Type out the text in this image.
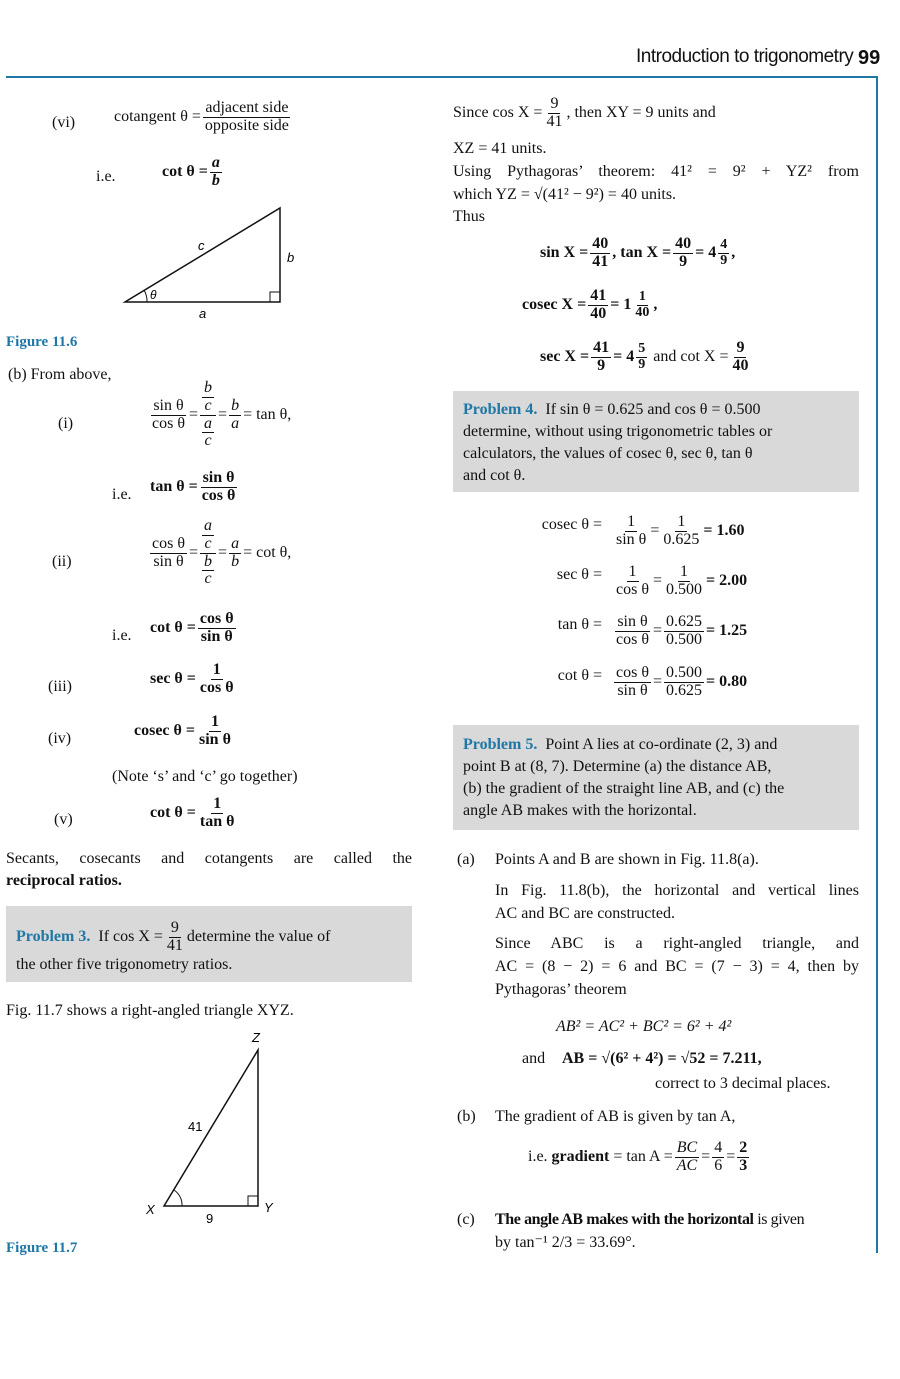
Introduction to trigonometry 99
(vi) cotangent $\theta = \frac{\text{adjacent side}}{\text{opposite side}}$
i.e.	$\cot \theta = \frac{a}{b}$
c
b
a
θ
Figure 11.6
(b) From above,
(i)	$\frac{\text{sin θ}}{\text{cos θ}} = \frac{\frac{b}{c}}{\frac{a}{c}} = \frac{b}{a} = \tan \theta$,
i.e. $\tan \theta = \frac{\text{sin θ}}{\text{cos θ}}$
(ii)	$\frac{\text{cos θ}}{\text{sin θ}} = \frac{\frac{a}{c}}{\frac{b}{c}} = \frac{a}{b} = \cot \theta$,
i.e. $\cot \theta = \frac{\text{cos θ}}{\text{sin θ}}$
(iii)	$\sec \theta = \frac{1}{\text{cos θ}}$
(iv)	cosec $\theta = \frac{1}{\text{sin θ}}$
(Note ‘s’ and ‘c’ go together)
(v)	$\cot \theta = \frac{1}{\text{tan θ}}$
Secants, cosecants and cotangents are called the
reciprocal ratios.
Problem 3.
If $\cos X = \frac{9}{41}$ determine the value of
the other five trigonometry ratios.
Fig. 11.7 shows a right-angled triangle XYZ.
Z
X	Y
41
9
Figure 11.7
Since $\cos X = \frac{9}{41}$ , then XY = 9 units and
XZ = 41 units.
Using Pythagoras’ theorem: 41² = 9² + YZ² from
which YZ = √(41² − 9²) = 40 units.
Thus
$\sin X = \frac{40}{41}$ , $\tan X = \frac{40}{9} = 4 \frac{4}{9}$ ,
cosec $X = \frac{41}{40} = 1 \frac{1}{40}$ ,
$\sec X = \frac{41}{9} = 4 \frac{5}{9}$ and $\cot X = \frac{9}{40}$
Problem 4. If sin θ = 0.625 and cos θ = 0.500
determine, without using trigonometric tables or
calculators, the values of cosec θ, sec θ, tan θ
and cot θ.
cosec $\theta = \frac{1}{\text{sin θ}} = \frac{1}{0.625} = 1.60$
$\sec \theta = \frac{1}{\text{cos θ}} = \frac{1}{0.500} = 2.00$
$\tan \theta = \frac{\text{sin θ}}{\text{cos θ}} = \frac{0.625}{0.500} = 1.25$
$\cot \theta = \frac{\text{cos θ}}{\text{sin θ}} = \frac{0.500}{0.625} = 0.80$
Problem 5. Point A lies at co-ordinate (2, 3) and
point B at (8, 7). Determine (a) the distance AB,
(b) the gradient of the straight line AB, and (c) the
angle AB makes with the horizontal.
(a) Points A and B are shown in Fig. 11.8(a).
In Fig. 11.8(b), the horizontal and vertical lines
AC and BC are constructed.
Since ABC is a right-angled triangle, and
AC = (8 − 2) = 6 and BC = (7 − 3) = 4, then by
Pythagoras’ theorem
AB² = AC² + BC² = 6² + 4²
and AB = √(6² + 4²) = √52 = 7.211,
correct to 3 decimal places.
(b) The gradient of AB is given by tan A,
i.e.
gradient
= $\tan A = \frac{BC}{AC} = \frac{4}{6} = \frac{2}{3}$
(c) The angle AB makes with the horizontal is given
by tan⁻¹ 2/3 = 33.69°.
